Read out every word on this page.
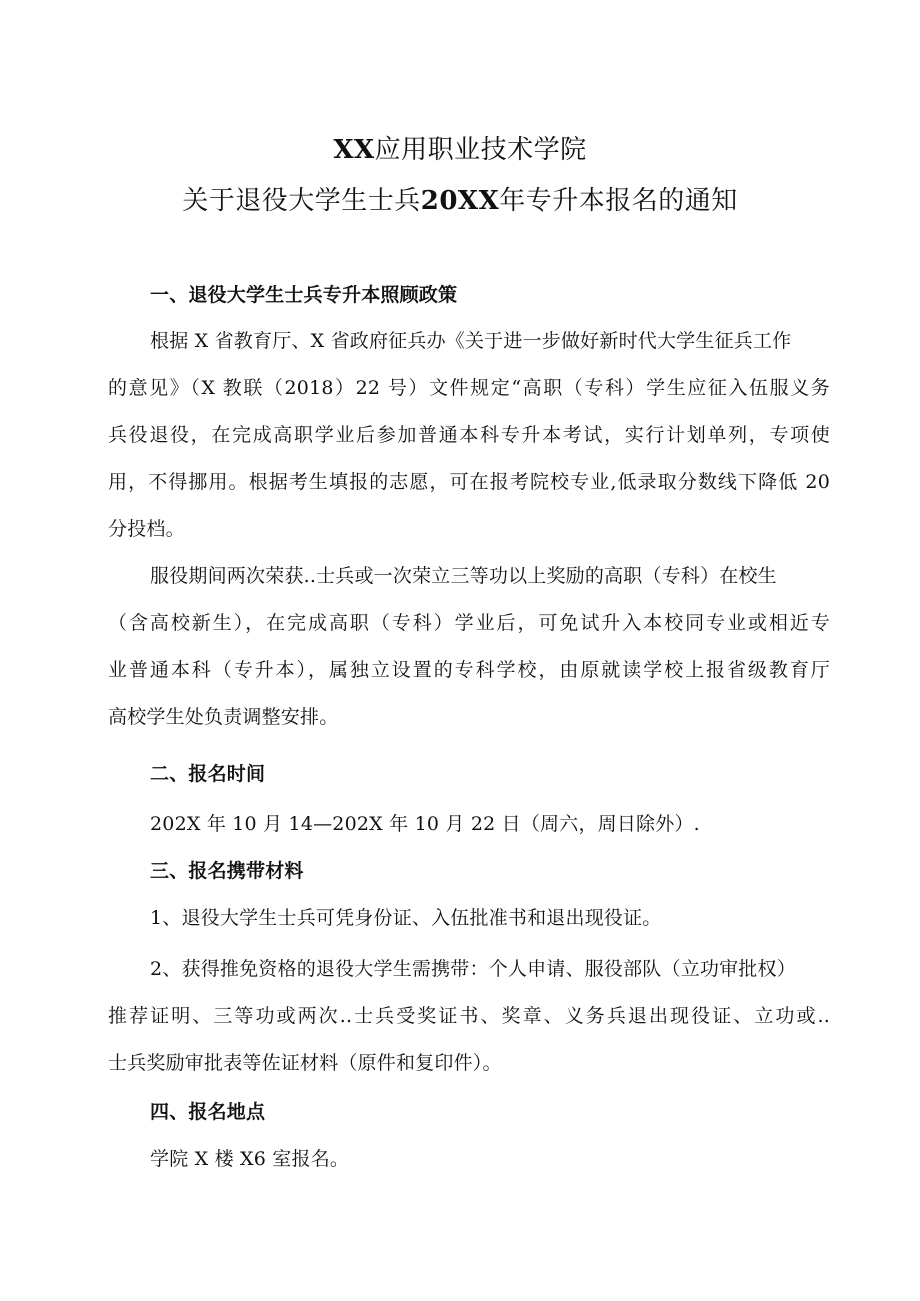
XX应用职业技术学院
关于退役大学生士兵20XX年专升本报名的通知
一、退役大学生士兵专升本照顾政策
根据 X 省教育厅、X 省政府征兵办《关于进一步做好新时代大学生征兵工作
的意见》（X 教联（2018）22 号）文件规定“高职（专科）学生应征入伍服义务
兵役退役，在完成高职学业后参加普通本科专升本考试，实行计划单列，专项使
用，不得挪用。根据考生填报的志愿，可在报考院校专业,低录取分数线下降低 20
分投档。
服役期间两次荣获..士兵或一次荣立三等功以上奖励的高职（专科）在校生
（含高校新生），在完成高职（专科）学业后，可免试升入本校同专业或相近专
业普通本科（专升本），属独立设置的专科学校，由原就读学校上报省级教育厅
高校学生处负责调整安排。
二、报名时间
202X 年 10 月 14—202X 年 10 月 22 日（周六，周日除外）.
三、报名携带材料
1、退役大学生士兵可凭身份证、入伍批准书和退出现役证。
2、获得推免资格的退役大学生需携带：个人申请、服役部队（立功审批权）
推荐证明、三等功或两次..士兵受奖证书、奖章、义务兵退出现役证、立功或..
士兵奖励审批表等佐证材料（原件和复印件）。
四、报名地点
学院 X 楼 X6 室报名。
